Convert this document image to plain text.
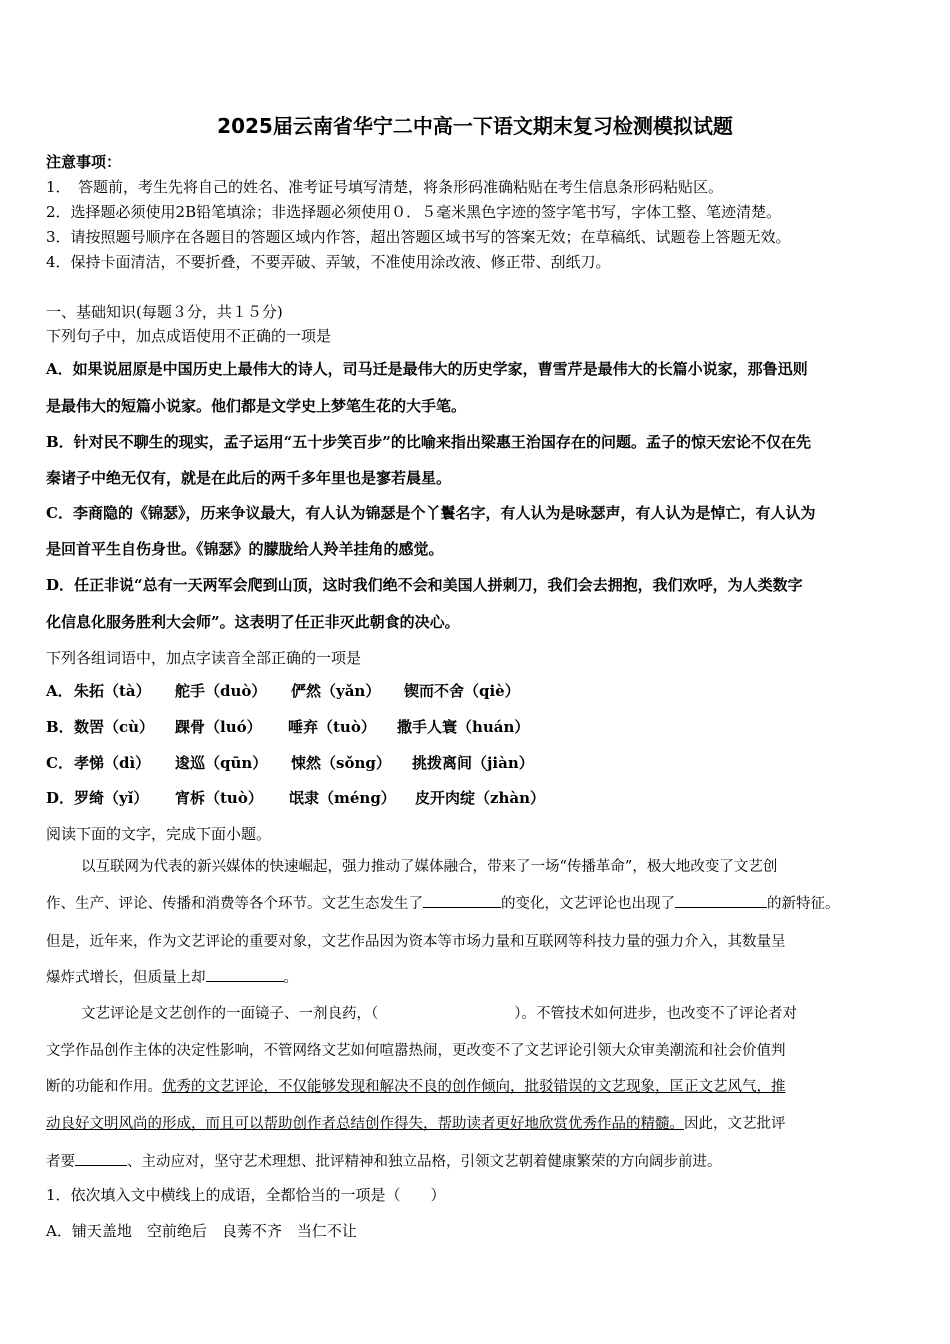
2025届云南省华宁二中高一下语文期末复习检测模拟试题
注意事项：
1．　答题前，考生先将自己的姓名、准考证号填写清楚，将条形码准确粘贴在考生信息条形码粘贴区。
2．选择题必须使用2B铅笔填涂；非选择题必须使用０．５毫米黑色字迹的签字笔书写，字体工整、笔迹清楚。
3．请按照题号顺序在各题目的答题区域内作答，超出答题区域书写的答案无效；在草稿纸、试题卷上答题无效。
4．保持卡面清洁，不要折叠，不要弄破、弄皱，不准使用涂改液、修正带、刮纸刀。
一、基础知识(每题３分，共１５分)
下列句子中，加点成语使用不正确的一项是
A．如果说屈原是中国历史上最伟大的诗人，司马迁是最伟大的历史学家，曹雪芹是最伟大的长篇小说家，那鲁迅则
是最伟大的短篇小说家。他们都是文学史上梦笔生花的大手笔。
B．针对民不聊生的现实，孟子运用“五十步笑百步”的比喻来指出梁惠王治国存在的问题。孟子的惊天宏论不仅在先
秦诸子中绝无仅有，就是在此后的两千多年里也是寥若晨星。
C．李商隐的《锦瑟》，历来争议最大，有人认为锦瑟是个丫鬟名字，有人认为是咏瑟声，有人认为是悼亡，有人认为
是回首平生自伤身世。《锦瑟》的朦胧给人羚羊挂角的感觉。
D．任正非说“总有一天两军会爬到山顶，这时我们绝不会和美国人拼刺刀，我们会去拥抱，我们欢呼，为人类数字
化信息化服务胜利大会师”。这表明了任正非灭此朝食的决心。
下列各组词语中，加点字读音全部正确的一项是
A．朱拓（tà） 舵手（duò） 俨然（yǎn） 锲而不舍（qiè）
B．数罟（cù） 踝骨（luó） 唾弃（tuò） 撒手人寰（huán）
C．孝悌（dì） 逡巡（qūn） 悚然（sǒng） 挑拨离间（jiàn）
D．罗绮（yǐ） 宵柝（tuò） 氓隶（méng） 皮开肉绽（zhàn）
阅读下面的文字，完成下面小题。
以互联网为代表的新兴媒体的快速崛起，强力推动了媒体融合，带来了一场“传播革命”，极大地改变了文艺创
作、生产、评论、传播和消费等各个环节。文艺生态发生了	的变化，文艺评论也出现了	的新特征。
但是，近年来，作为文艺评论的重要对象，文艺作品因为资本等市场力量和互联网等科技力量的强力介入，其数量呈
爆炸式增长，但质量上却	。
文艺评论是文艺创作的一面镜子、一剂良药，（	）。不管技术如何进步，也改变不了评论者对
文学作品创作主体的决定性影响，不管网络文艺如何喧嚣热闹，更改变不了文艺评论引领大众审美潮流和社会价值判
断的功能和作用。优秀的文艺评论，不仅能够发现和解决不良的创作倾向，批驳错误的文艺现象，匡正文艺风气，推
动良好文明风尚的形成，而且可以帮助创作者总结创作得失，帮助读者更好地欣赏优秀作品的精髓。因此，文艺批评
者要	、主动应对，坚守艺术理想、批评精神和独立品格，引领文艺朝着健康繁荣的方向阔步前进。
1．依次填入文中横线上的成语，全都恰当的一项是（　　）
A．铺天盖地　空前绝后　良莠不齐　当仁不让
